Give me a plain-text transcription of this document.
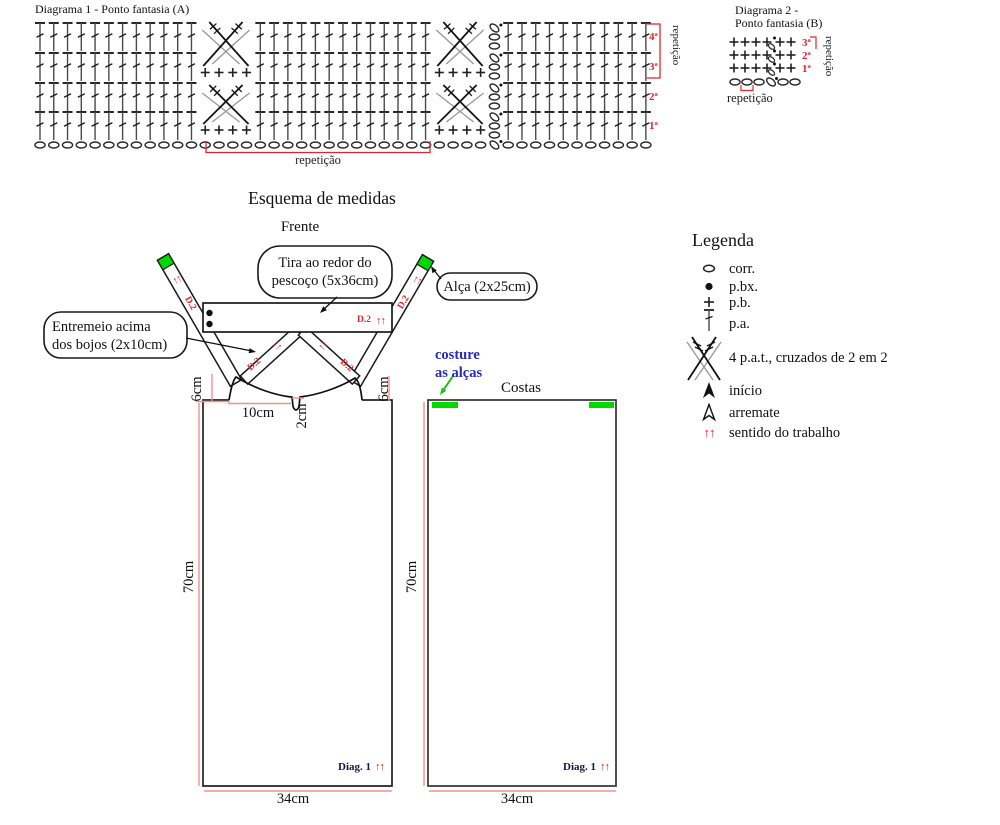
Diagrama 1 - Ponto fantasia (A)
1ª
2ª
3ª
4ª repetição
repetição
Diagrama 2 -
Ponto fantasia (B)
1ª
2ª
3ª repetição
repetição
Esquema de medidas
Frente
Costas
Tira ao redor do
pescoço (5x36cm)	Alça (2x25cm)
Entremeio acima
dos bojos (2x10cm)
costure
as alças
D.2 ↑↑
D.2
↑↑
D.2
↑↑
D.2
↑↑
D.2
↑↑
6cm	6cm
10cm 2cm
70cm
34cm
70cm
34cm
Diag. 1 ↑↑	Diag. 1 ↑↑
Legenda
corr.
p.bx.
p.b.
p.a.
4 p.a.t., cruzados de 2 em 2
início
arremate
↑↑	sentido do trabalho
